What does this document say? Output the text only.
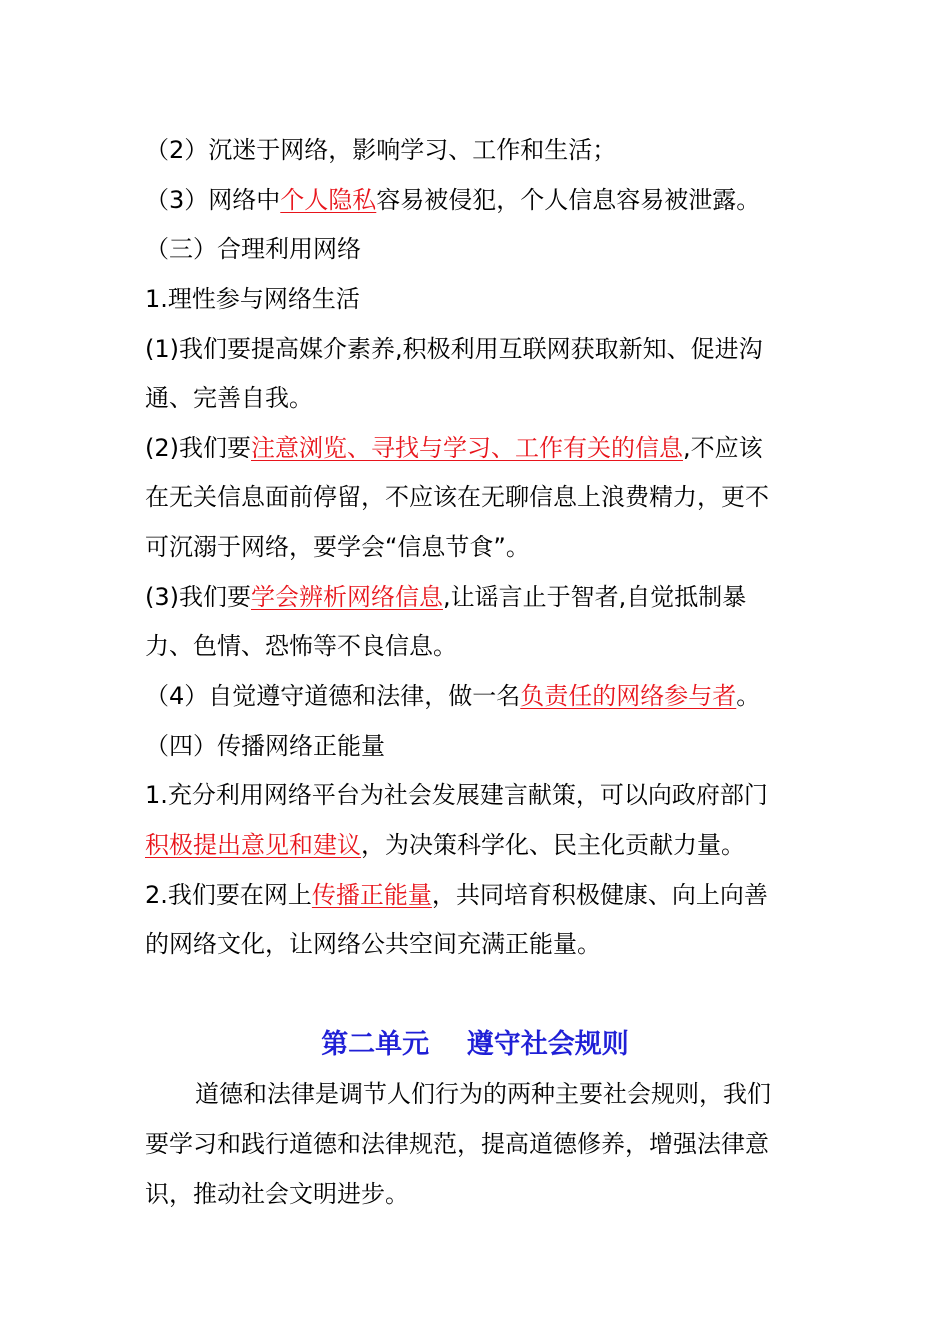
（2）沉迷于网络，影响学习、工作和生活；
（3）网络中个人隐私容易被侵犯，个人信息容易被泄露。
（三）合理利用网络
1.理性参与网络生活
(1)我们要提高媒介素养,积极利用互联网获取新知、促进沟
通、完善自我。
(2)我们要注意浏览、寻找与学习、工作有关的信息,不应该
在无关信息面前停留，不应该在无聊信息上浪费精力，更不
可沉溺于网络，要学会“信息节食”。
(3)我们要学会辨析网络信息,让谣言止于智者,自觉抵制暴
力、色情、恐怖等不良信息。
（4）自觉遵守道德和法律，做一名负责任的网络参与者。
（四）传播网络正能量
1.充分利用网络平台为社会发展建言献策，可以向政府部门
积极提出意见和建议，为决策科学化、民主化贡献力量。
2.我们要在网上传播正能量，共同培育积极健康、向上向善
的网络文化，让网络公共空间充满正能量。
第二单元    遵守社会规则
道德和法律是调节人们行为的两种主要社会规则，我们
要学习和践行道德和法律规范，提高道德修养，增强法律意
识，推动社会文明进步。
